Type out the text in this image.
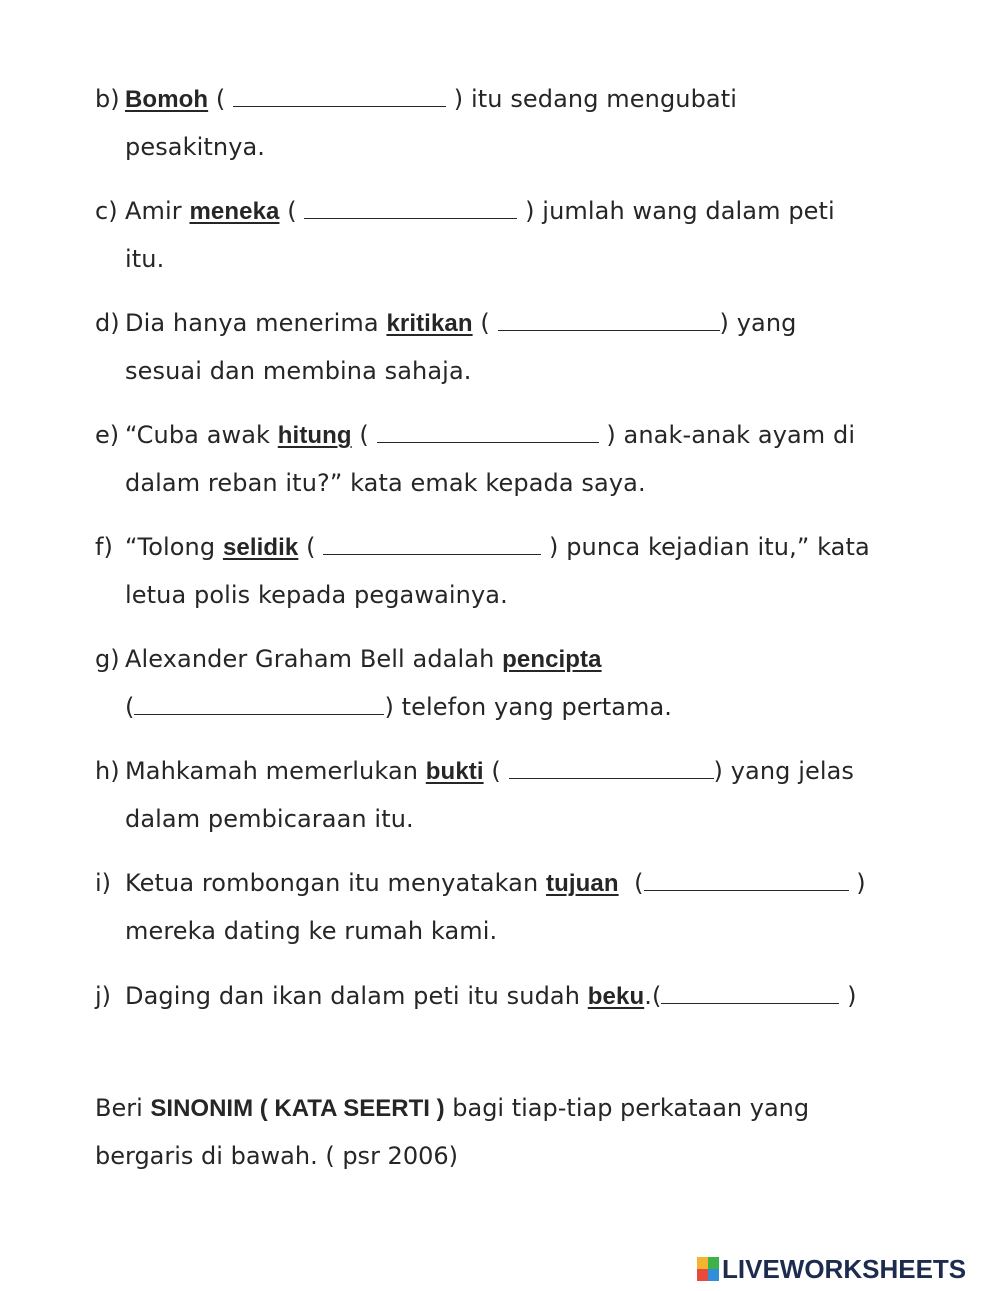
b) Bomoh (	) itu sedang mengubati
pesakitnya.
c) Amir meneka (	) jumlah wang dalam peti
itu.
d) Dia hanya menerima kritikan (	) yang
sesuai dan membina sahaja.
e) “Cuba awak hitung (	) anak-anak ayam di
dalam reban itu?” kata emak kepada saya.
f) “Tolong selidik (	) punca kejadian itu,” kata
letua polis kepada pegawainya.
g) Alexander Graham Bell adalah pencipta
(	) telefon yang pertama.
h) Mahkamah memerlukan bukti (	) yang jelas
dalam pembicaraan itu.
i) Ketua rombongan itu menyatakan tujuan  (	)
mereka dating ke rumah kami.
j) Daging dan ikan dalam peti itu sudah beku.(	)
Beri SINONIM ( KATA SEERTI ) bagi tiap-tiap perkataan yang
bergaris di bawah. ( psr 2006)
LIVEWORKSHEETS
